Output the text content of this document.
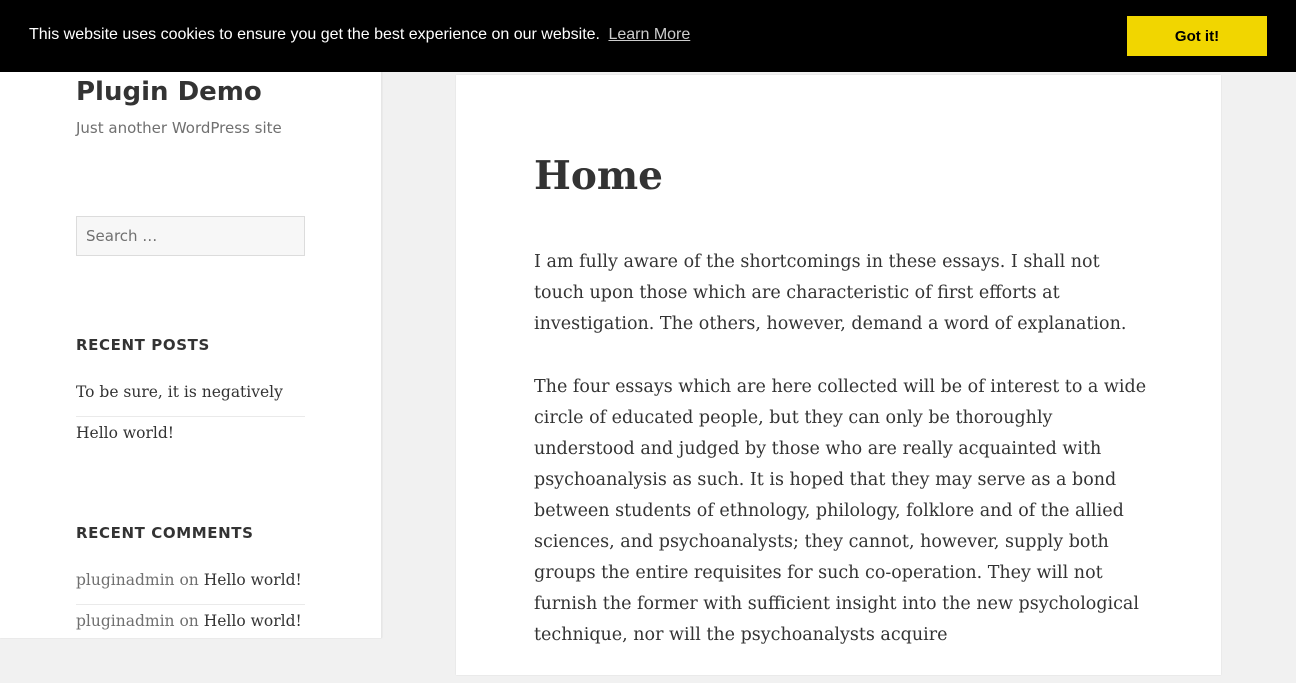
Plugin Demo

Just another WordPress site

Search …
RECENT POSTS
To be sure, it is negatively
Hello world!
RECENT COMMENTS
pluginadmin on Hello world!
pluginadmin on Hello world!
Home

I am fully aware of the shortcomings in these essays. I shall not touch upon those which are characteristic of first efforts at investigation. The others, however, demand a word of explanation.

The four essays which are here collected will be of interest to a wide circle of educated people, but they can only be thoroughly understood and judged by those who are really acquainted with psychoanalysis as such. It is hoped that they may serve as a bond between students of ethnology, philology, folklore and of the allied sciences, and psychoanalysts; they cannot, however, supply both groups the entire requisites for such co-operation. They will not furnish the former with sufficient insight into the new psychological technique, nor will the psychoanalysts acquire

This website uses cookies to ensure you get the best experience on our website. Learn More	Got it!
